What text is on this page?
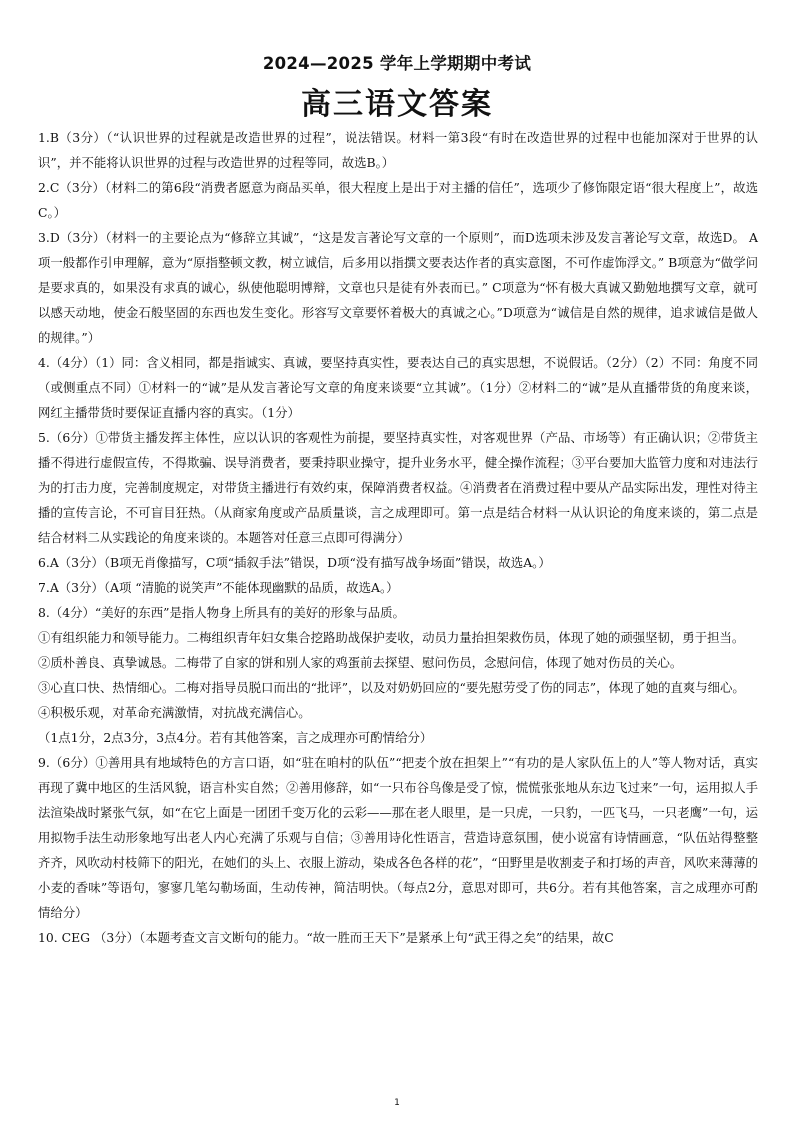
2024—2025 学年上学期期中考试
高三语文答案

1.B（3分）（“认识世界的过程就是改造世界的过程”，说法错误。材料一第3段“有时在改造世界的过程中也能加深对于世界的认识”，并不能将认识世界的过程与改造世界的过程等同，故选B。）

2.C（3分）（材料二的第6段“消费者愿意为商品买单，很大程度上是出于对主播的信任”，选项少了修饰限定语“很大程度上”，故选C。）

3.D（3分）（材料一的主要论点为“修辞立其诚”，“这是发言著论写文章的一个原则”，而D选项未涉及发言著论写文章，故选D。 A项一般都作引申理解，意为“原指整顿文教，树立诚信，后多用以指撰文要表达作者的真实意图，不可作虚饰浮文。” B项意为“做学问是要求真的，如果没有求真的诚心，纵使他聪明博辩，文章也只是徒有外表而已。” C项意为“怀有极大真诚又勤勉地撰写文章，就可以感天动地，使金石般坚固的东西也发生变化。形容写文章要怀着极大的真诚之心。”D项意为“诚信是自然的规律，追求诚信是做人的规律。”）

4.（4分）（1）同：含义相同，都是指诚实、真诚，要坚持真实性，要表达自己的真实思想，不说假话。（2分）（2）不同：角度不同（或侧重点不同）①材料一的“诚”是从发言著论写文章的角度来谈要“立其诚”。（1分）②材料二的“诚”是从直播带货的角度来谈，网红主播带货时要保证直播内容的真实。（1分）

5.（6分）①带货主播发挥主体性，应以认识的客观性为前提，要坚持真实性，对客观世界（产品、市场等）有正确认识；②带货主播不得进行虚假宣传，不得欺骗、误导消费者，要秉持职业操守，提升业务水平，健全操作流程；③平台要加大监管力度和对违法行为的打击力度，完善制度规定，对带货主播进行有效约束，保障消费者权益。④消费者在消费过程中要从产品实际出发，理性对待主播的宣传言论，不可盲目狂热。（从商家角度或产品质量谈，言之成理即可。第一点是结合材料一从认识论的角度来谈的，第二点是结合材料二从实践论的角度来谈的。本题答对任意三点即可得满分）

6.A（3分）（B项无肖像描写，C项“插叙手法”错误，D项“没有描写战争场面”错误，故选A。）

7.A（3分）（A项 “清脆的说笑声”不能体现幽默的品质，故选A。）

8.（4分）“美好的东西”是指人物身上所具有的美好的形象与品质。

①有组织能力和领导能力。二梅组织青年妇女集合挖路助战保护麦收，动员力量抬担架救伤员，体现了她的顽强坚韧，勇于担当。

②质朴善良、真挚诚恳。二梅带了自家的饼和别人家的鸡蛋前去探望、慰问伤员，念慰问信，体现了她对伤员的关心。

③心直口快、热情细心。二梅对指导员脱口而出的“批评”，以及对奶奶回应的“要先慰劳受了伤的同志”，体现了她的直爽与细心。

④积极乐观，对革命充满激情，对抗战充满信心。

（1点1分，2点3分，3点4分。若有其他答案，言之成理亦可酌情给分）

9.（6分）①善用具有地域特色的方言口语，如“驻在咱村的队伍”“把麦个放在担架上”“有功的是人家队伍上的人”等人物对话，真实再现了冀中地区的生活风貌，语言朴实自然；②善用修辞，如“一只布谷鸟像是受了惊，慌慌张张地从东边飞过来”一句，运用拟人手法渲染战时紧张气氛，如“在它上面是一团团千变万化的云彩——那在老人眼里，是一只虎，一只豹，一匹飞马，一只老鹰”一句，运用拟物手法生动形象地写出老人内心充满了乐观与自信；③善用诗化性语言，营造诗意氛围，使小说富有诗情画意，“队伍站得整整齐齐，风吹动村枝筛下的阳光，在她们的头上、衣服上游动，染成各色各样的花”，“田野里是收割麦子和打场的声音，风吹来薄薄的小麦的香味”等语句，寥寥几笔勾勒场面，生动传神，简洁明快。（每点2分，意思对即可，共6分。若有其他答案，言之成理亦可酌情给分）

10. CEG （3分）（本题考查文言文断句的能力。“故一胜而王天下”是紧承上句“武王得之矣”的结果，故C

1
